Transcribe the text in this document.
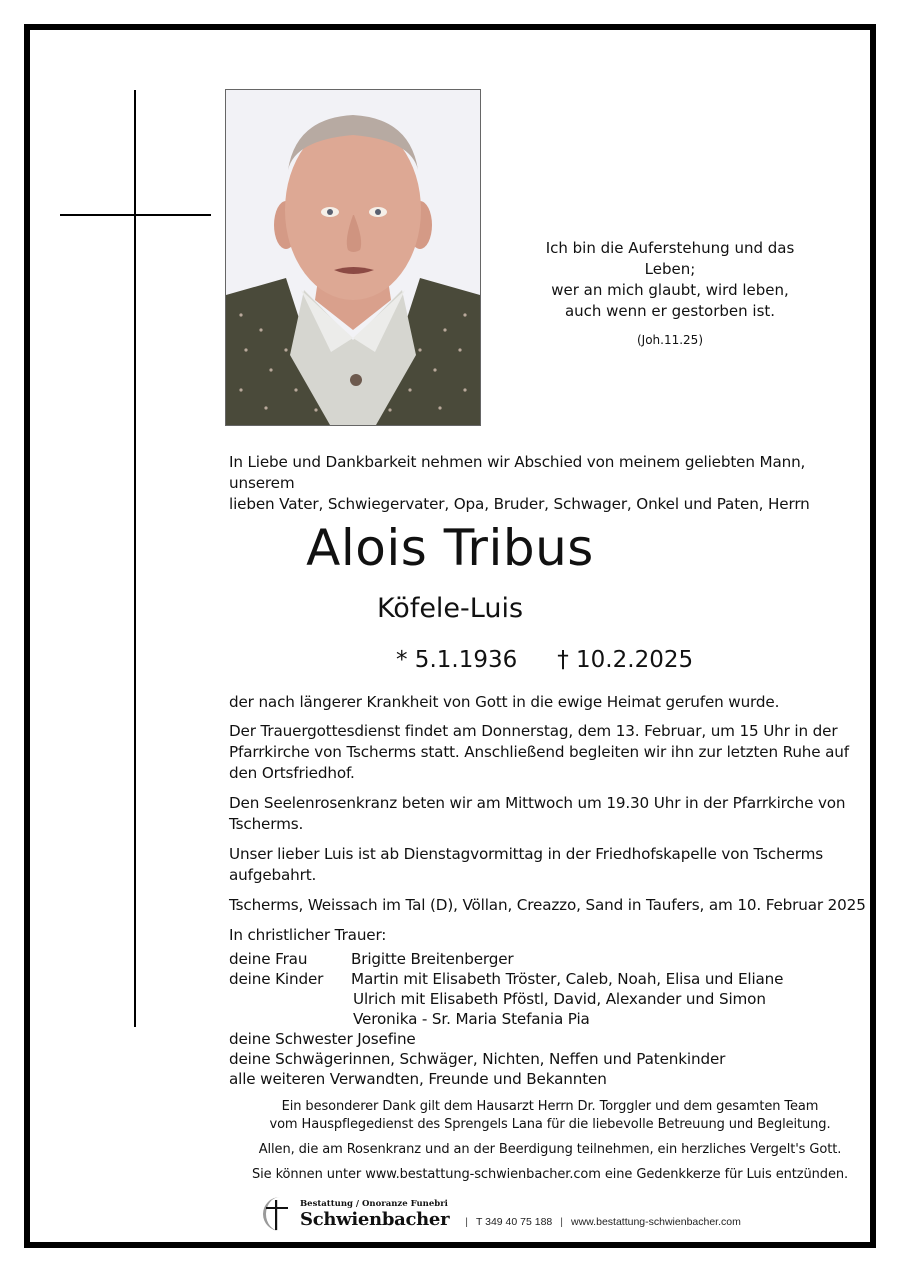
Ich bin die Auferstehung und das Leben;
wer an mich glaubt, wird leben,
auch wenn er gestorben ist.
(Joh.11.25)
In Liebe und Dankbarkeit nehmen wir Abschied von meinem geliebten Mann, unserem
lieben Vater, Schwiegervater, Opa, Bruder, Schwager, Onkel und Paten, Herrn
Alois Tribus
Köfele-Luis
* 5.1.1936 † 10.2.2025
der nach längerer Krankheit von Gott in die ewige Heimat gerufen wurde.
Der Trauergottesdienst findet am Donnerstag, dem 13. Februar, um 15 Uhr in der
Pfarrkirche von Tscherms statt. Anschließend begleiten wir ihn zur letzten Ruhe auf
den Ortsfriedhof.
Den Seelenrosenkranz beten wir am Mittwoch um 19.30 Uhr in der Pfarrkirche von
Tscherms.
Unser lieber Luis ist ab Dienstagvormittag in der Friedhofskapelle von Tscherms
aufgebahrt.
Tscherms, Weissach im Tal (D), Völlan, Creazzo, Sand in Taufers, am 10. Februar 2025
In christlicher Trauer:
deine Frau	Brigitte Breitenberger
deine Kinder	Martin mit Elisabeth Tröster, Caleb, Noah, Elisa und Eliane
Ulrich mit Elisabeth Pföstl, David, Alexander und Simon
Veronika - Sr. Maria Stefania Pia
deine Schwester Josefine
deine Schwägerinnen, Schwäger, Nichten, Neffen und Patenkinder
alle weiteren Verwandten, Freunde und Bekannten
Ein besonderer Dank gilt dem Hausarzt Herrn Dr. Torggler und dem gesamten Team
vom Hauspflegedienst des Sprengels Lana für die liebevolle Betreuung und Begleitung.
Allen, die am Rosenkranz und an der Beerdigung teilnehmen, ein herzliches Vergelt's Gott.
Sie können unter www.bestattung-schwienbacher.com eine Gedenkkerze für Luis entzünden.
Bestattung / Onoranze Funebri
Schwienbacher	| T 349 40 75 188 | www.bestattung-schwienbacher.com
